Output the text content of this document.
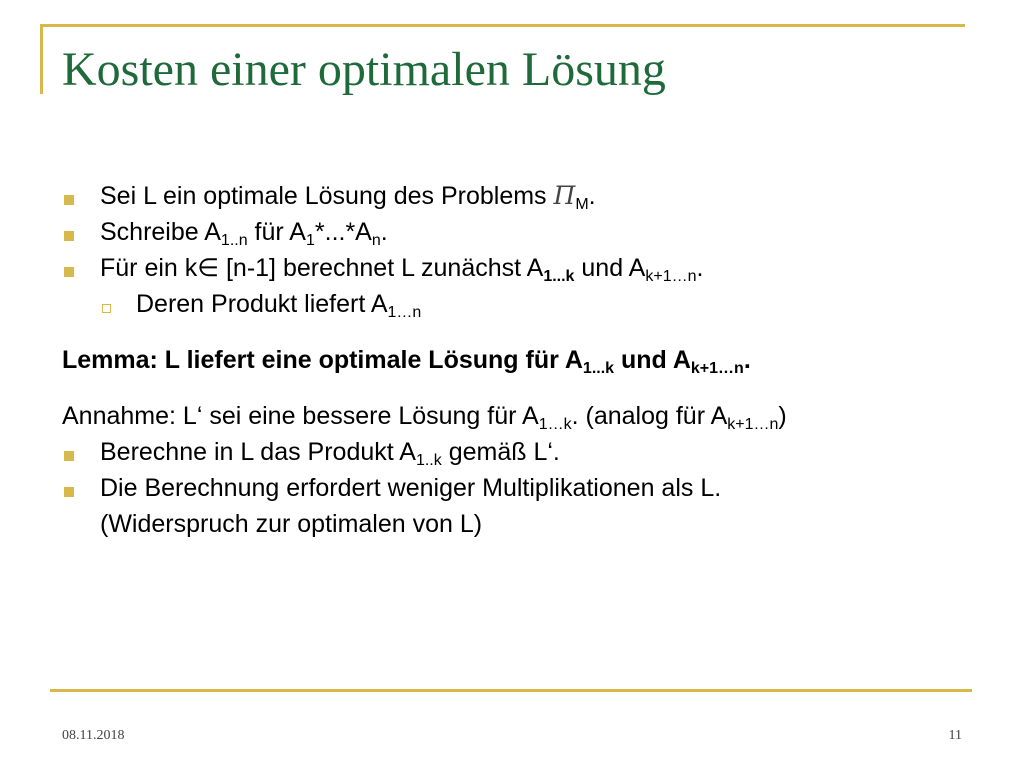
Kosten einer optimalen Lösung
Sei L ein optimale Lösung des Problems $\Pi_M$.
Schreibe $A_{1..n}$ für $A_1*...*A_n$.
Für ein k∈ [n-1] berechnet L zunächst $A_{1...k}$ und $A_{k+1\dots n}$.
Deren Produkt liefert $A_{1\dots n}$
Lemma: L liefert eine optimale Lösung für $A_{1...k}$ und $A_{k+1\dots n}$.
Annahme: L‘ sei eine bessere Lösung für $A_{1\dots k}$. (analog für $A_{k+1\dots n}$)
Berechne in L das Produkt $A_{1..k}$ gemäß L‘.
Die Berechnung erfordert weniger Multiplikationen als L.
(Widerspruch zur optimalen von L)
08.11.2018	11
